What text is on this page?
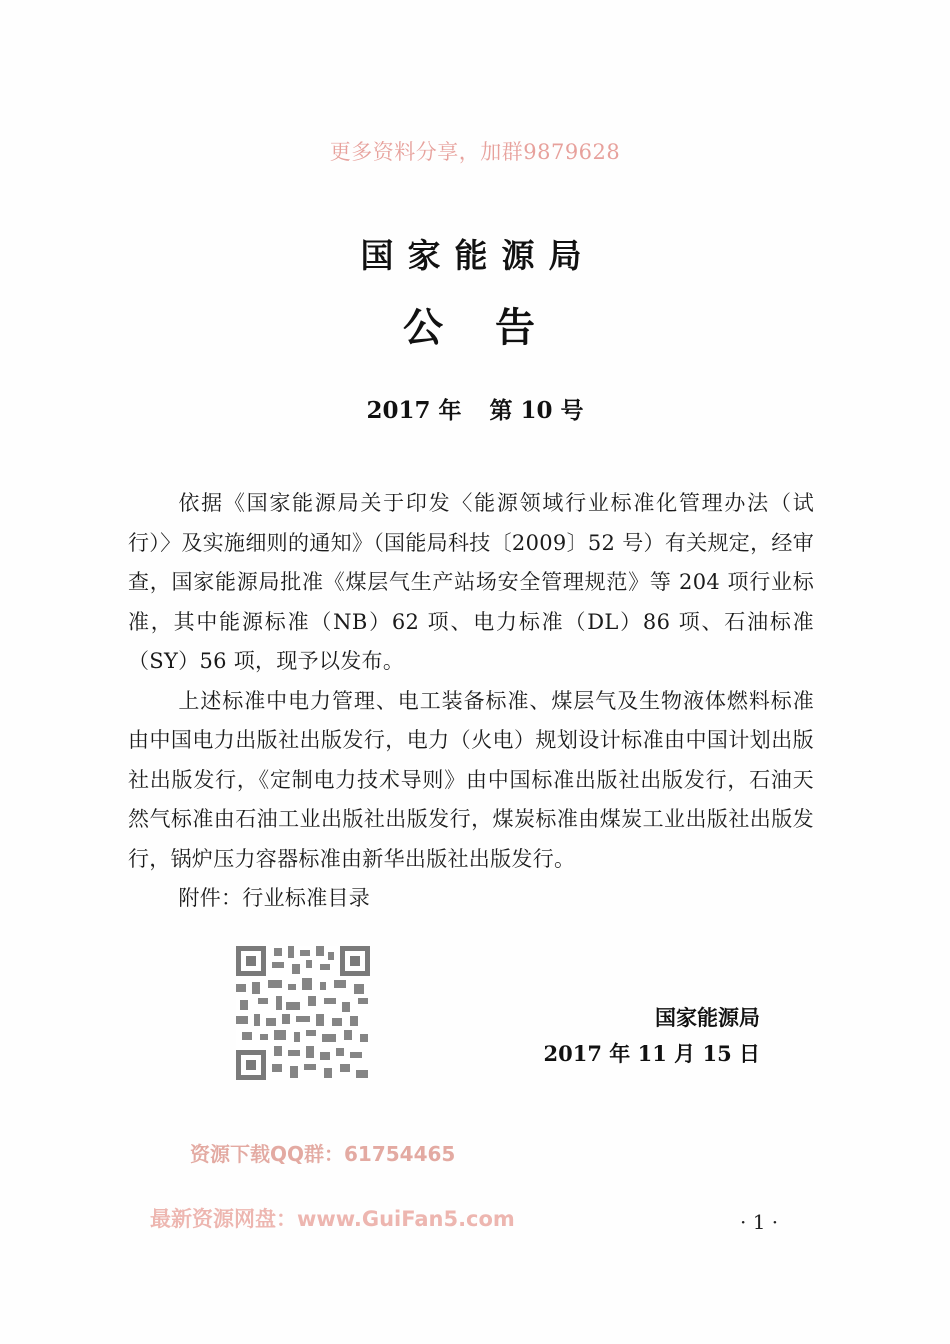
更多资料分享，加群9879628
国家能源局
公告
2017 年 第 10 号

依据《国家能源局关于印发〈能源领域行业标准化管理办法（试行）〉及实施细则的通知》（国能局科技〔2009〕52 号）有关规定，经审查，国家能源局批准《煤层气生产站场安全管理规范》等 204 项行业标准，其中能源标准（NB）62 项、电力标准（DL）86 项、石油标准（SY）56 项，现予以发布。

上述标准中电力管理、电工装备标准、煤层气及生物液体燃料标准由中国电力出版社出版发行，电力（火电）规划设计标准由中国计划出版社出版发行，《定制电力技术导则》由中国标准出版社出版发行，石油天然气标准由石油工业出版社出版发行，煤炭标准由煤炭工业出版社出版发行，锅炉压力容器标准由新华出版社出版发行。

附件：行业标准目录

国家能源局
2017 年 11 月 15 日
资源下载QQ群：61754465
最新资源网盘：www.GuiFan5.com	· 1 ·
